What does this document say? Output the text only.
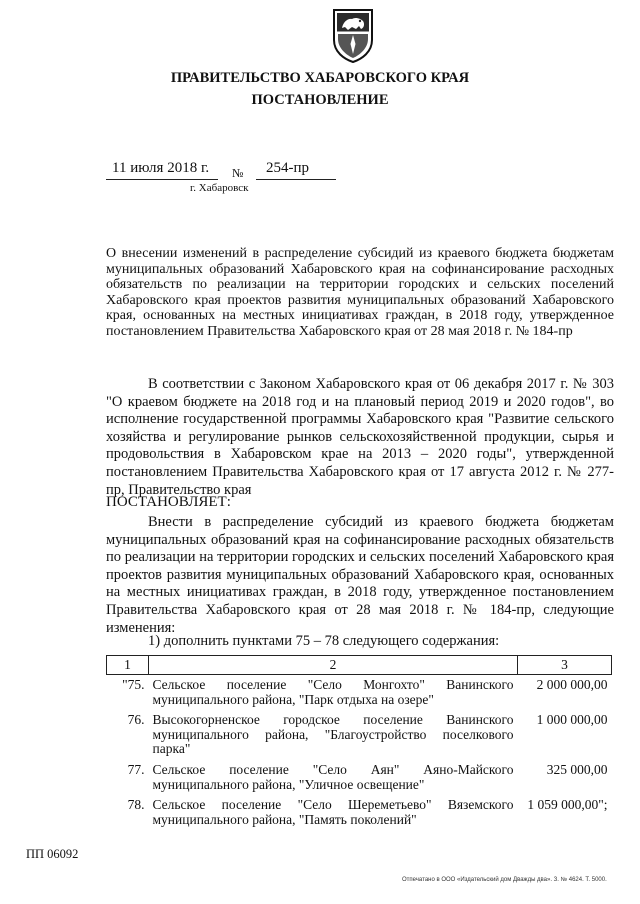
ПРАВИТЕЛЬСТВО ХАБАРОВСКОГО КРАЯ
ПОСТАНОВЛЕНИЕ
11 июля 2018 г. № 254-пр
г. Хабаровск
О внесении изменений в распределение субсидий из краевого бюджета бюджетам муниципальных образований Хабаровского края на софинансирование расходных обязательств по реализации на территории городских и сельских поселений Хабаровского края проектов развития муниципальных образований Хабаровского края, основанных на местных инициативах граждан, в 2018 году, утвержденное постановлением Правительства Хабаровского края от 28 мая 2018 г. № 184-пр
В соответствии с Законом Хабаровского края от 06 декабря 2017 г. № 303 "О краевом бюджете на 2018 год и на плановый период 2019 и 2020 годов", во исполнение государственной программы Хабаровского края "Развитие сельского хозяйства и регулирование рынков сельскохозяйственной продукции, сырья и продовольствия в Хабаровском крае на 2013 – 2020 годы", утвержденной постановлением Правительства Хабаровского края от 17 августа 2012 г. № 277-пр, Правительство края
ПОСТАНОВЛЯЕТ:
Внести в распределение субсидий из краевого бюджета бюджетам муниципальных образований края на софинансирование расходных обязательств по реализации на территории городских и сельских поселений Хабаровского края проектов развития муниципальных образований Хабаровского края, основанных на местных инициативах граждан, в 2018 году, утвержденное постановлением Правительства Хабаровского края от 28 мая 2018 г. № 184-пр, следующие изменения:
1) дополнить пунктами 75 – 78 следующего содержания:
1	2	3
"75.	Сельское поселение "Село Монгохто" Ванинского муниципального района, "Парк отдыха на озере"	2 000 000,00
76.	Высокогорненское городское поселение Ванинского муниципального района, "Благоустройство поселкового парка"	1 000 000,00
77.	Сельское поселение "Село Аян" Аяно-Майского муниципального района, "Уличное освещение"	325 000,00
78.	Сельское поселение "Село Шереметьево" Вяземского муниципального района, "Память поколений"	1 059 000,00";
ПП 06092
Отпечатано в ООО «Издательский дом Дважды два». З. № 4624. Т. 5000.
